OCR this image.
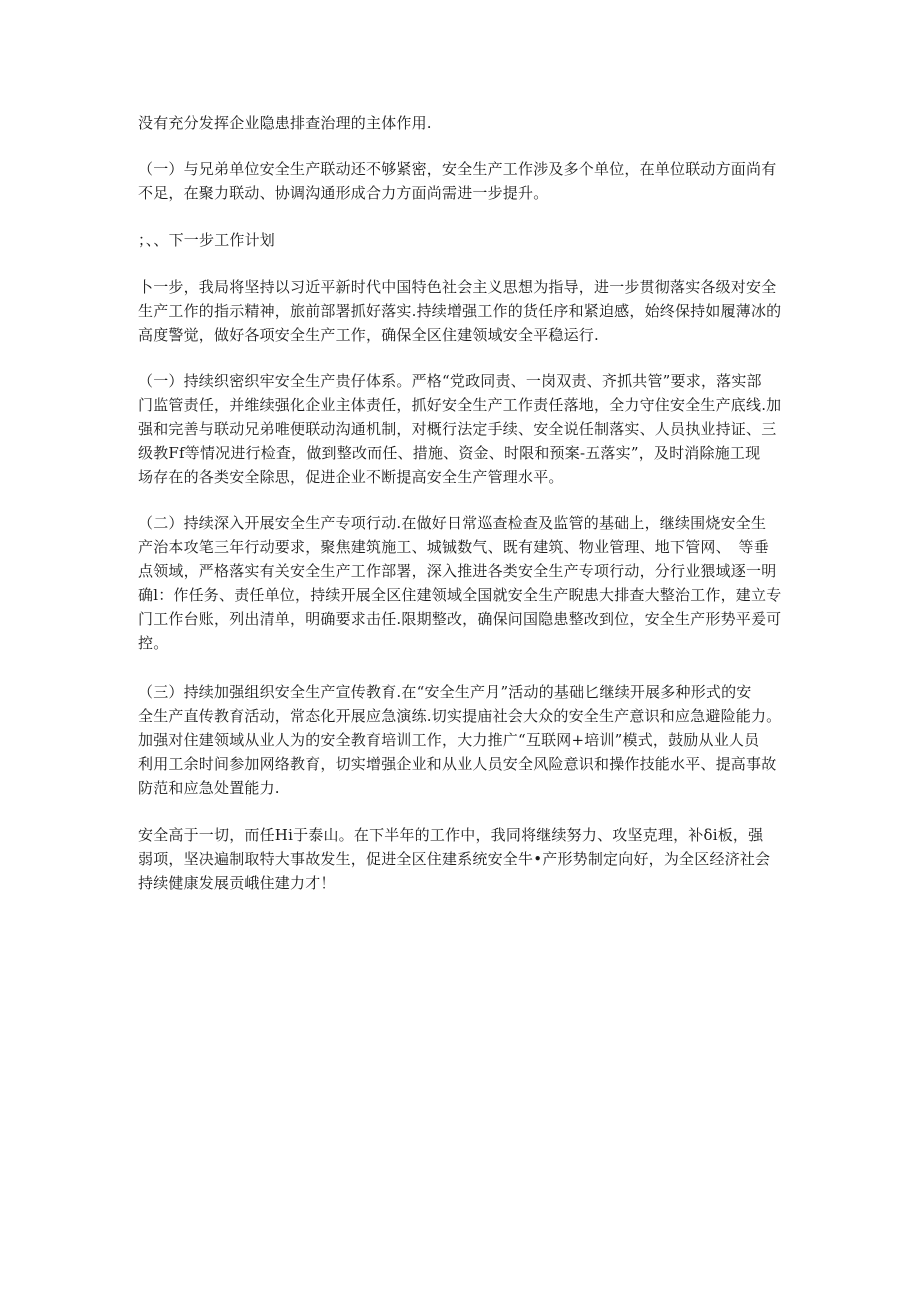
没有充分发挥企业隐患排查治理的主体作用.
（一）与兄弟单位安全生产联动还不够紧密，安全生产工作涉及多个单位，在单位联动方面尚有
不足，在聚力联动、协调沟通形成合力方面尚需进一步提升。
；、、下一步工作计划
卜一步，我局将坚持以习近平新时代中国特色社会主义思想为指导，进一步贯彻落实各级对安全
生产工作的指示精神，旅前部署抓好落实.持续增强工作的货任序和紧迫感，始终保持如履薄冰的
高度警觉，做好各项安全生产工作，确保全区住建领域安全平稳运行.
（一）持续织密织牢安全生产贵仔体系。严格“党政同责、一岗双责、齐抓共管”要求，落实部
门监管责任，并维续强化企业主体责任，抓好安全生产工作责任落地，全力守住安全生产底线.加
强和完善与联动兄弟唯便联动沟通机制，对概行法定手续、安全说任制落实、人员执业持证、三
级教Ff等情况进行检査，做到整改而任、措施、资金、时限和预案-五落实”，及时消除施工现
场存在的各类安全除思，促进企业不断提高安全生产管理水平。
（二）持续深入开展安全生产专项行动.在做好日常巡查检查及监管的基础上，继续围烧安全生
产治本攻笔三年行动要求，聚焦建筑施工、城铖数气、既有建筑、物业管理、地下管网、　等垂
点领域，严格落实有关安全生产工作部署，深入推进各类安全生产专项行动，分行业猥域逐一明
确l：作任务、责任单位，持续开展全区住建领域全国就安全生产睨患大排查大整治工作，建立专
门工作台账，列出清单，明确要求击任.限期整改，确保问国隐患整改到位，安全生产形势平爰可
控。
（三）持续加强组织安全生产宣传教育.在“安全生产月”活动的基础匕继续开展多种形式的安
全生产直传教育活动，常态化开展应急演练.切实提庙社会大众的安全生产意识和应急避险能力。
加强对住建领域从业人为的安全教育培训工作，大力推广“互联网+培训”模式，鼓励从业人员
利用工余时间参加网络教育，切实增强企业和从业人员安全风险意识和操作技能水平、提高事故
防范和应急处置能力.
安全高于一切，而任Hi于泰山。在下半年的工作中，我同将继续努力、攻坚克理，补δi板，强
弱项，坚决遍制取特大事故发生，促进全区住建系统安全牛•产形势制定向好，为全区经济社会
持续健康发展贡峨住建力才！
